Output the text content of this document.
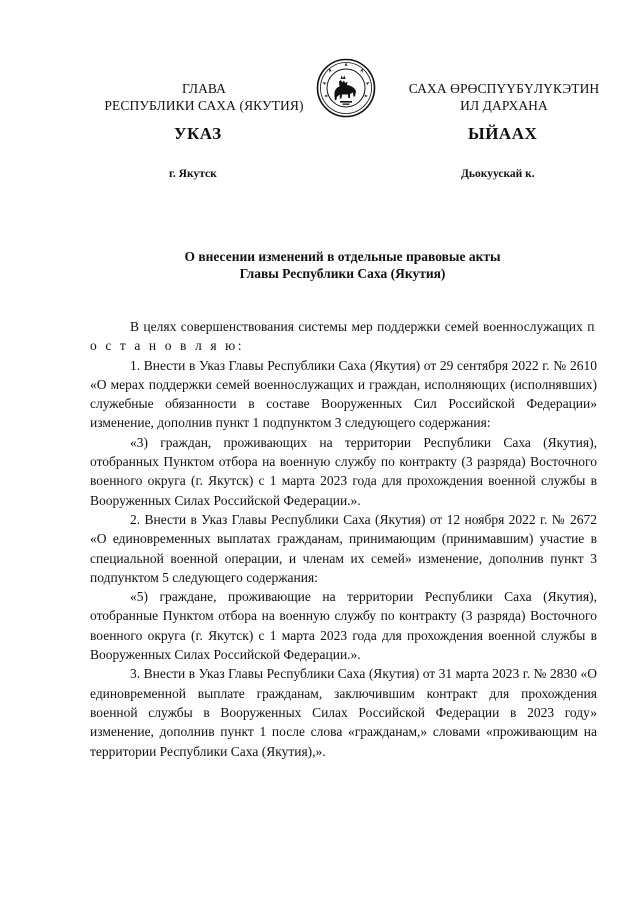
ГЛАВА
РЕСПУБЛИКИ САХА (ЯКУТИЯ)
САХА ӨРӨСПҮҮБҮЛҮКЭТИН
ИЛ ДАРХАНА
УКАЗ	ЫЙААХ
г. Якутск	Дьокуускай к.
О внесении изменений в отдельные правовые акты
Главы Республики Саха (Якутия)

В целях совершенствования системы мер поддержки семей военнослужащих п о с т а н о в л я ю:

1. Внести в Указ Главы Республики Саха (Якутия) от 29 сентября 2022 г. № 2610 «О мерах поддержки семей военнослужащих и граждан, исполняющих (исполнявших) служебные обязанности в составе Вооруженных Сил Российской Федерации» изменение, дополнив пункт 1 подпунктом 3 следующего содержания:

«3) граждан, проживающих на территории Республики Саха (Якутия), отобранных Пунктом отбора на военную службу по контракту (3 разряда) Восточного военного округа (г. Якутск) с 1 марта 2023 года для прохождения военной службы в Вооруженных Силах Российской Федерации.».

2. Внести в Указ Главы Республики Саха (Якутия) от 12 ноября 2022 г. № 2672 «О единовременных выплатах гражданам, принимающим (принимавшим) участие в специальной военной операции, и членам их семей» изменение, дополнив пункт 3 подпунктом 5 следующего содержания:

«5) граждане, проживающие на территории Республики Саха (Якутия), отобранные Пунктом отбора на военную службу по контракту (3 разряда) Восточного военного округа (г. Якутск) с 1 марта 2023 года для прохождения военной службы в Вооруженных Силах Российской Федерации.».

3. Внести в Указ Главы Республики Саха (Якутия) от 31 марта 2023 г. № 2830 «О единовременной выплате гражданам, заключившим контракт для прохождения военной службы в Вооруженных Силах Российской Федерации в 2023 году» изменение, дополнив пункт 1 после слова «гражданам,» словами «проживающим на территории Республики Саха (Якутия),».
